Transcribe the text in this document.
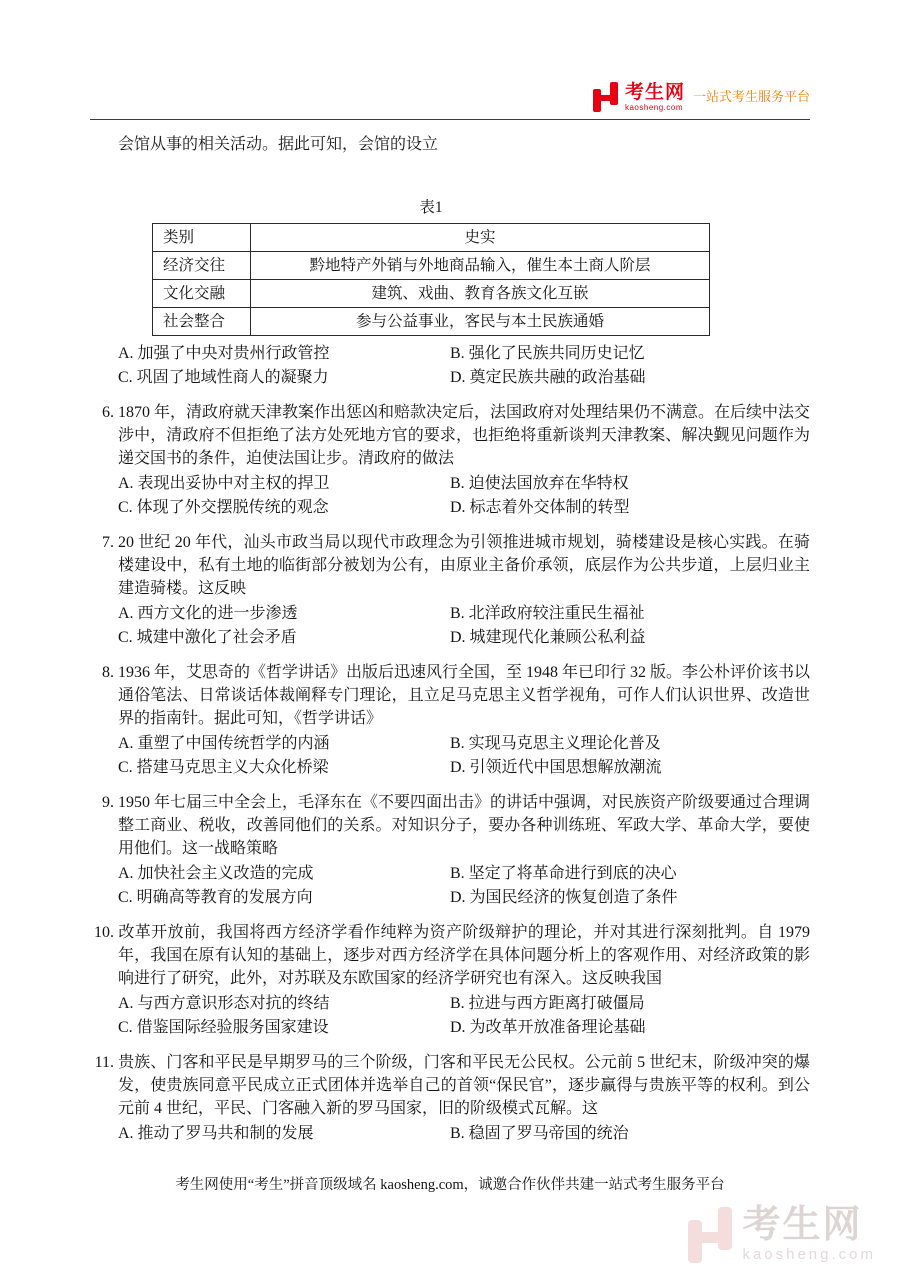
考生网
kaosheng.com
一站式考生服务平台

会馆从事的相关活动。据此可知，会馆的设立

表1
类别	史实
经济交往	黔地特产外销与外地商品输入，催生本土商人阶层
文化交融	建筑、戏曲、教育各族文化互嵌
社会整合	参与公益事业，客民与本土民族通婚
A. 加强了中央对贵州行政管控	B. 强化了民族共同历史记忆
C. 巩固了地域性商人的凝聚力	D. 奠定民族共融的政治基础

6. 1870 年，清政府就天津教案作出惩凶和赔款决定后，法国政府对处理结果仍不满意。在后续中法交涉中，清政府不但拒绝了法方处死地方官的要求，也拒绝将重新谈判天津教案、解决觐见问题作为递交国书的条件，迫使法国让步。清政府的做法

A. 表现出妥协中对主权的捍卫	B. 迫使法国放弃在华特权
C. 体现了外交摆脱传统的观念	D. 标志着外交体制的转型

7. 20 世纪 20 年代，汕头市政当局以现代市政理念为引领推进城市规划，骑楼建设是核心实践。在骑楼建设中，私有土地的临街部分被划为公有，由原业主备价承领，底层作为公共步道，上层归业主建造骑楼。这反映

A. 西方文化的进一步渗透	B. 北洋政府较注重民生福祉
C. 城建中激化了社会矛盾	D. 城建现代化兼顾公私利益

8. 1936 年，艾思奇的《哲学讲话》出版后迅速风行全国，至 1948 年已印行 32 版。李公朴评价该书以通俗笔法、日常谈话体裁阐释专门理论，且立足马克思主义哲学视角，可作人们认识世界、改造世界的指南针。据此可知，《哲学讲话》

A. 重塑了中国传统哲学的内涵	B. 实现马克思主义理论化普及
C. 搭建马克思主义大众化桥梁	D. 引领近代中国思想解放潮流

9. 1950 年七届三中全会上，毛泽东在《不要四面出击》的讲话中强调，对民族资产阶级要通过合理调整工商业、税收，改善同他们的关系。对知识分子，要办各种训练班、军政大学、革命大学，要使用他们。这一战略策略

A. 加快社会主义改造的完成	B. 坚定了将革命进行到底的决心
C. 明确高等教育的发展方向	D. 为国民经济的恢复创造了条件

10. 改革开放前，我国将西方经济学看作纯粹为资产阶级辩护的理论，并对其进行深刻批判。自 1979 年，我国在原有认知的基础上，逐步对西方经济学在具体问题分析上的客观作用、对经济政策的影响进行了研究，此外，对苏联及东欧国家的经济学研究也有深入。这反映我国

A. 与西方意识形态对抗的终结	B. 拉进与西方距离打破僵局
C. 借鉴国际经验服务国家建设	D. 为改革开放准备理论基础

11. 贵族、门客和平民是早期罗马的三个阶级，门客和平民无公民权。公元前 5 世纪末，阶级冲突的爆发，使贵族同意平民成立正式团体并选举自己的首领“保民官”，逐步赢得与贵族平等的权利。到公元前 4 世纪，平民、门客融入新的罗马国家，旧的阶级模式瓦解。这

A. 推动了罗马共和制的发展	B. 稳固了罗马帝国的统治

考生网使用“考生”拼音顶级域名 kaosheng.com，诚邀合作伙伴共建一站式考生服务平台

考生网
kaosheng.com
